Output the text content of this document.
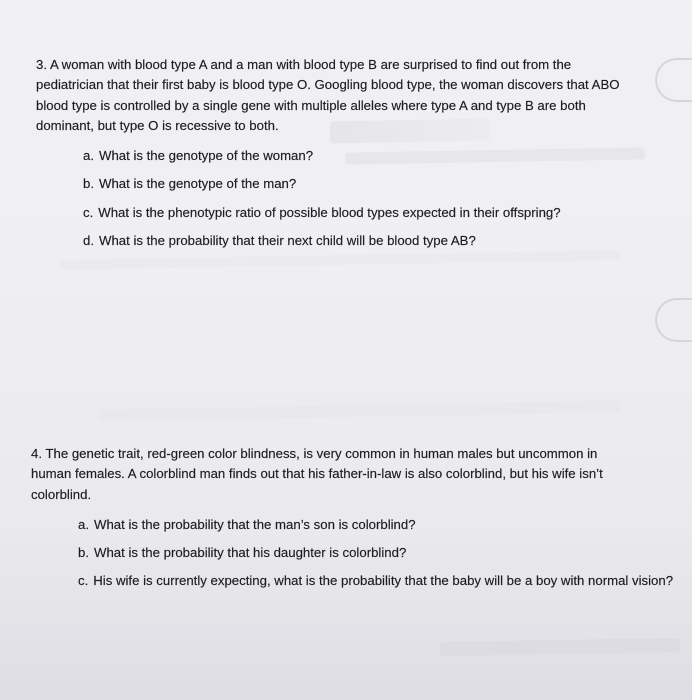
3. A woman with blood type A and a man with blood type B are surprised to find out from the pediatrician that their first baby is blood type O. Googling blood type, the woman discovers that ABO blood type is controlled by a single gene with multiple alleles where type A and type B are both dominant, but type O is recessive to both.

a. What is the genotype of the woman?
b. What is the genotype of the man?
c. What is the phenotypic ratio of possible blood types expected in their offspring?
d. What is the probability that their next child will be blood type AB?

4. The genetic trait, red-green color blindness, is very common in human males but uncommon in human females. A colorblind man finds out that his father-in-law is also colorblind, but his wife isn’t colorblind.

a. What is the probability that the man’s son is colorblind?
b. What is the probability that his daughter is colorblind?
c. His wife is currently expecting, what is the probability that the baby will be a boy with normal vision?
